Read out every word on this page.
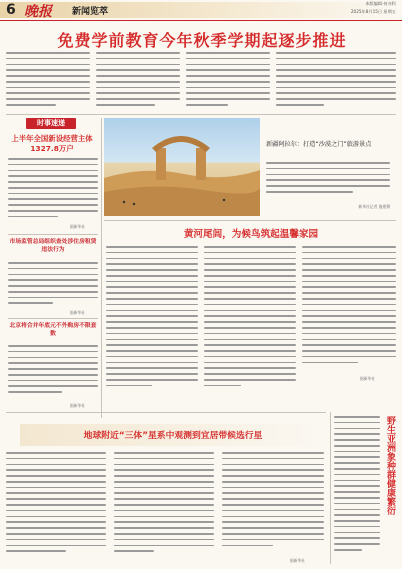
6 晚报 新闻览萃
本版编辑·何亦科
2025年8月15日 星期五
免费学前教育今年秋季学期起逐步推进
时事速递
上半年全国新设经营主体1327.8万户
据新华社
市场监管总局组织查处涉住房租赁违法行为
据新华社
北京将合并年底元不外购房不限套数
据新华社
新疆阿拉尔：打造“沙漠之门”旅游景点
新华社记者 施建摄
黄河尾闾，为候鸟筑起温馨家园
据新华社
地球附近“三体”星系中观测到宜居带候选行星
据新华社
野生亚洲象种群健康繁衍
